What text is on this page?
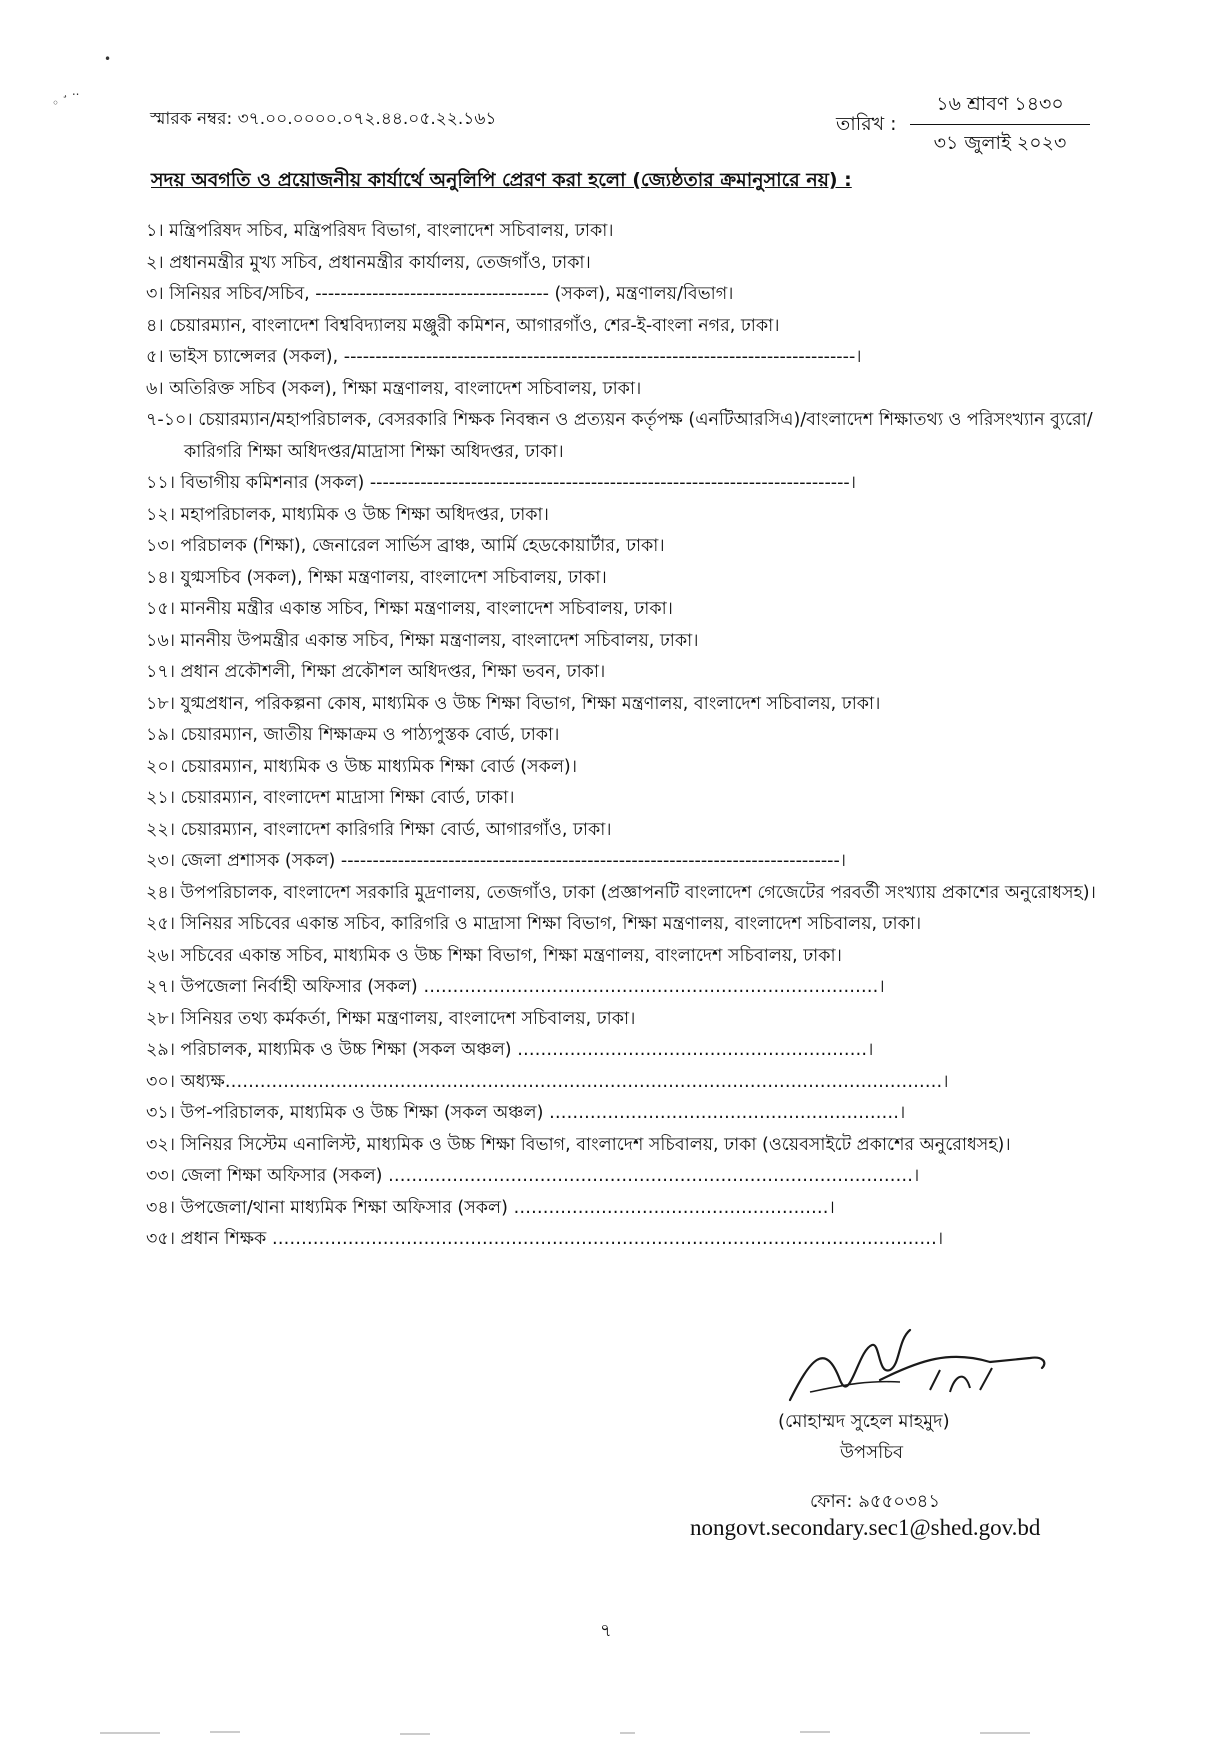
•
¸ ..
◦
স্মারক নম্বর: ৩৭.০০.০০০০.০৭২.৪৪.০৫.২২.১৬১	তারিখ :
১৬ শ্রাবণ ১৪৩০
৩১ জুলাই ২০২৩
সদয় অবগতি ও প্রয়োজনীয় কার্যার্থে অনুলিপি প্রেরণ করা হলো (জ্যেষ্ঠতার ক্রমানুসারে নয়) :
১। মন্ত্রিপরিষদ সচিব, মন্ত্রিপরিষদ বিভাগ, বাংলাদেশ সচিবালয়, ঢাকা।
২। প্রধানমন্ত্রীর মুখ্য সচিব, প্রধানমন্ত্রীর কার্যালয়, তেজগাঁও, ঢাকা।
৩। সিনিয়র সচিব/সচিব, ------------------------------------- (সকল), মন্ত্রণালয়/বিভাগ।
৪। চেয়ারম্যান, বাংলাদেশ বিশ্ববিদ্যালয় মঞ্জুরী কমিশন, আগারগাঁও, শের-ই-বাংলা নগর, ঢাকা।
৫। ভাইস চ্যান্সেলর (সকল), ---------------------------------------------------------------------------------।
৬। অতিরিক্ত সচিব (সকল), শিক্ষা মন্ত্রণালয়, বাংলাদেশ সচিবালয়, ঢাকা।
৭-১০। চেয়ারম্যান/মহাপরিচালক, বেসরকারি শিক্ষক নিবন্ধন ও প্রত্যয়ন কর্তৃপক্ষ (এনটিআরসিএ)/বাংলাদেশ শিক্ষাতথ্য ও পরিসংখ্যান ব্যুরো/কারিগরি শিক্ষা অধিদপ্তর/মাদ্রাসা শিক্ষা অধিদপ্তর, ঢাকা।
১১। বিভাগীয় কমিশনার (সকল) ----------------------------------------------------------------------------।
১২। মহাপরিচালক, মাধ্যমিক ও উচ্চ শিক্ষা অধিদপ্তর, ঢাকা।
১৩। পরিচালক (শিক্ষা), জেনারেল সার্ভিস ব্রাঞ্চ, আর্মি হেডকোয়ার্টার, ঢাকা।
১৪। যুগ্মসচিব (সকল), শিক্ষা মন্ত্রণালয়, বাংলাদেশ সচিবালয়, ঢাকা।
১৫। মাননীয় মন্ত্রীর একান্ত সচিব, শিক্ষা মন্ত্রণালয়, বাংলাদেশ সচিবালয়, ঢাকা।
১৬। মাননীয় উপমন্ত্রীর একান্ত সচিব, শিক্ষা মন্ত্রণালয়, বাংলাদেশ সচিবালয়, ঢাকা।
১৭। প্রধান প্রকৌশলী, শিক্ষা প্রকৌশল অধিদপ্তর, শিক্ষা ভবন, ঢাকা।
১৮। যুগ্মপ্রধান, পরিকল্পনা কোষ, মাধ্যমিক ও উচ্চ শিক্ষা বিভাগ, শিক্ষা মন্ত্রণালয়, বাংলাদেশ সচিবালয়, ঢাকা।
১৯। চেয়ারম্যান, জাতীয় শিক্ষাক্রম ও পাঠ্যপুস্তক বোর্ড, ঢাকা।
২০। চেয়ারম্যান, মাধ্যমিক ও উচ্চ মাধ্যমিক শিক্ষা বোর্ড (সকল)।
২১। চেয়ারম্যান, বাংলাদেশ মাদ্রাসা শিক্ষা বোর্ড, ঢাকা।
২২। চেয়ারম্যান, বাংলাদেশ কারিগরি শিক্ষা বোর্ড, আগারগাঁও, ঢাকা।
২৩। জেলা প্রশাসক (সকল) -------------------------------------------------------------------------------।
২৪। উপপরিচালক, বাংলাদেশ সরকারি মুদ্রণালয়, তেজগাঁও, ঢাকা (প্রজ্ঞাপনটি বাংলাদেশ গেজেটের পরবর্তী সংখ্যায় প্রকাশের অনুরোধসহ)।
২৫। সিনিয়র সচিবের একান্ত সচিব, কারিগরি ও মাদ্রাসা শিক্ষা বিভাগ, শিক্ষা মন্ত্রণালয়, বাংলাদেশ সচিবালয়, ঢাকা।
২৬। সচিবের একান্ত সচিব, মাধ্যমিক ও উচ্চ শিক্ষা বিভাগ, শিক্ষা মন্ত্রণালয়, বাংলাদেশ সচিবালয়, ঢাকা।
২৭। উপজেলা নির্বাহী অফিসার (সকল) ……………………………………………………………………।
২৮। সিনিয়র তথ্য কর্মকর্তা, শিক্ষা মন্ত্রণালয়, বাংলাদেশ সচিবালয়, ঢাকা।
২৯। পরিচালক, মাধ্যমিক ও উচ্চ শিক্ষা (সকল অঞ্চল) ……………………………………………………।
৩০। অধ্যক্ষ……………………………………………………………………………………………………………।
৩১। উপ-পরিচালক, মাধ্যমিক ও উচ্চ শিক্ষা (সকল অঞ্চল) ……………………………………………………।
৩২। সিনিয়র সিস্টেম এনালিস্ট, মাধ্যমিক ও উচ্চ শিক্ষা বিভাগ, বাংলাদেশ সচিবালয়, ঢাকা (ওয়েবসাইটে প্রকাশের অনুরোধসহ)।
৩৩। জেলা শিক্ষা অফিসার (সকল) ………………………………………………………………………………।
৩৪। উপজেলা/থানা মাধ্যমিক শিক্ষা অফিসার (সকল) ………………………………………………।
৩৫। প্রধান শিক্ষক ……………………………………………………………………………………………………।
(মোহাম্মদ সুহেল মাহমুদ)
উপসচিব
ফোন: ৯৫৫০৩৪১
nongovt.secondary.sec1@shed.gov.bd
৭
